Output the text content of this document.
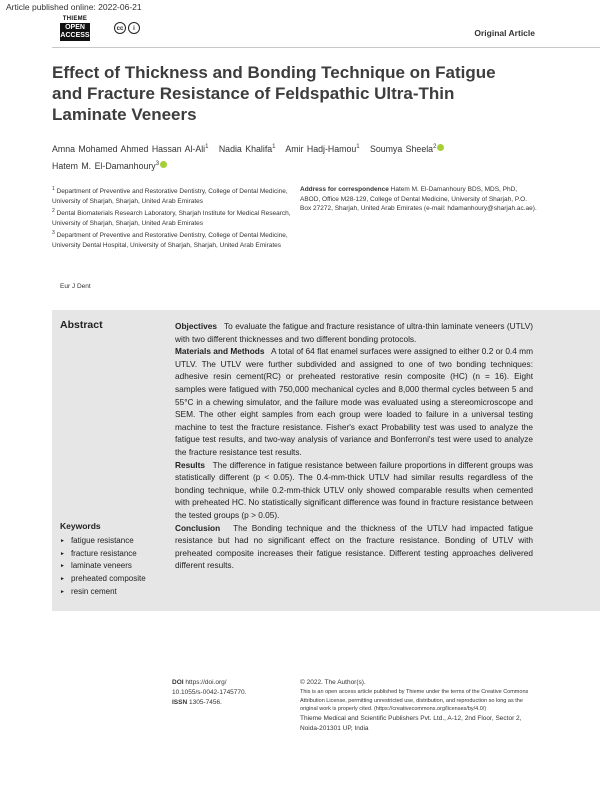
Article published online: 2022-06-21
THIEME
OPEN
ACCESS
cc	i	Original Article
Effect of Thickness and Bonding Technique on Fatigue and Fracture Resistance of Feldspathic Ultra-Thin Laminate Veneers
Amna Mohamed Ahmed Hassan Al-Ali$^1$ Nadia Khalifa$^1$ Amir Hadj-Hamou$^1$ Soumya Sheela$^2$
Hatem M. El-Damanhoury$^3$

$^1$ Department of Preventive and Restorative Dentistry, College of Dental Medicine, University of Sharjah, Sharjah, United Arab Emirates

$^2$ Dental Biomaterials Research Laboratory, Sharjah Institute for Medical Research, University of Sharjah, Sharjah, United Arab Emirates

$^3$ Department of Preventive and Restorative Dentistry, College of Dental Medicine, University Dental Hospital, University of Sharjah, Sharjah, United Arab Emirates

Address for correspondence Hatem M. El-Damanhoury BDS, MDS, PhD, ABOD, Office M28-129, College of Dental Medicine, University of Sharjah, P.O. Box 27272, Sharjah, United Arab Emirates (e-mail: hdamanhoury@sharjah.ac.ae).
Eur J Dent
Abstract	Objectives To evaluate the fatigue and fracture resistance of ultra-thin laminate veneers (UTLV) with two different thicknesses and two different bonding protocols.

Materials and Methods A total of 64 flat enamel surfaces were assigned to either 0.2 or 0.4 mm UTLV. The UTLV were further subdivided and assigned to one of two bonding techniques: adhesive resin cement(RC) or preheated restorative resin composite (HC) (n = 16). Eight samples were fatigued with 750,000 mechanical cycles and 8,000 thermal cycles between 5 and 55°C in a chewing simulator, and the failure mode was evaluated using a stereomicroscope and SEM. The other eight samples from each group were loaded to failure in a universal testing machine to test the fracture resistance. Fisher's exact Probability test was used to analyze the fatigue test results, and two-way analysis of variance and Bonferroni's test were used to analyze the fracture resistance test results.

Results The difference in fatigue resistance between failure proportions in different groups was statistically different (p < 0.05). The 0.4-mm-thick UTLV had similar results regardless of the bonding technique, while 0.2-mm-thick UTLV only showed comparable results when cemented with preheated HC. No statistically significant difference was found in fracture resistance between the tested groups (p > 0.05).

Conclusion The Bonding technique and the thickness of the UTLV had impacted fatigue resistance but had no significant effect on the fracture resistance. Bonding of UTLV with preheated composite increases their fatigue resistance. Different testing approaches delivered different results.

Keywords
► fatigue resistance
► fracture resistance
► laminate veneers
► preheated composite
► resin cement
DOI https://doi.org/
10.1055/s-0042-1745770.
ISSN 1305-7456.

© 2022. The Author(s).

This is an open access article published by Thieme under the terms of the Creative Commons Attribution License, permitting unrestricted use, distribution, and reproduction so long as the original work is properly cited. (https://creativecommons.org/licenses/by/4.0/)

Thieme Medical and Scientific Publishers Pvt. Ltd., A-12, 2nd Floor, Sector 2, Noida-201301 UP, India
